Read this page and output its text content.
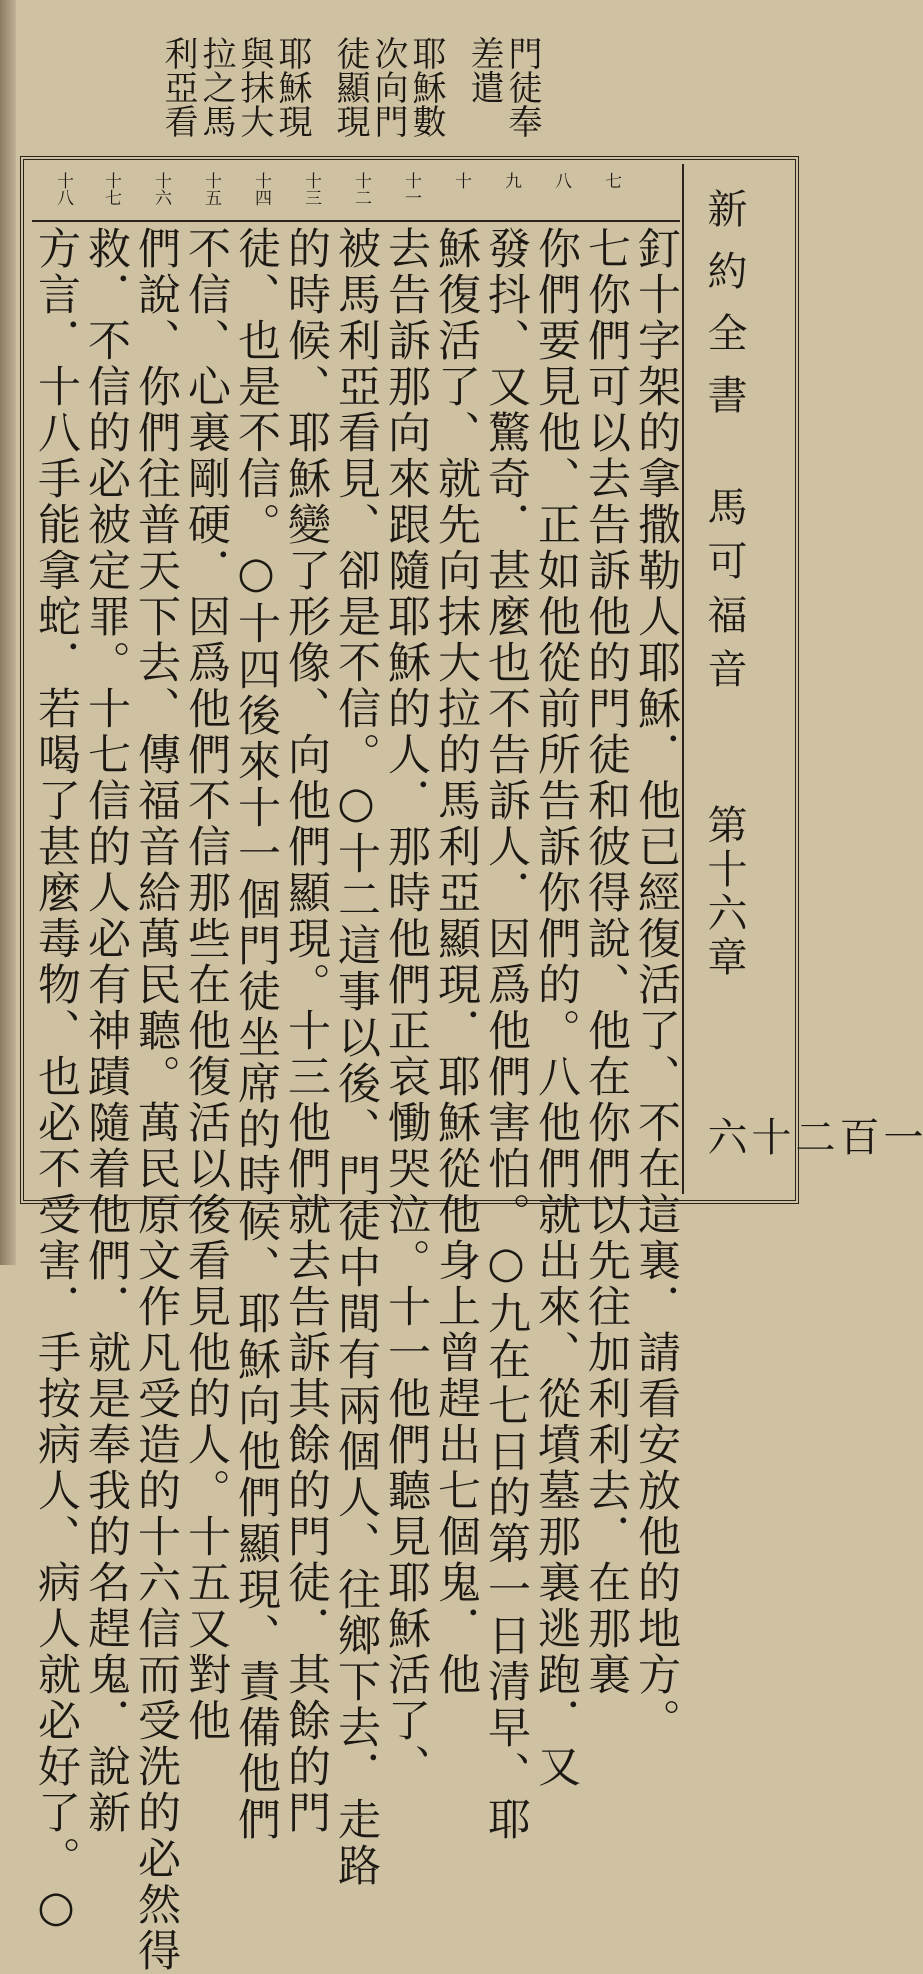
耶穌現
與抹大
拉之馬
利亞看	耶穌數
次向門
徒顯現	門徒奉
差遣
新約全書
馬可福音
第十六章
一百二十六
七
八
九
十
十一
十二
十三
十四
十五
十六
十七
十八
釘十字架的拿撒勒人耶穌．他已經復活了、不在這裏．請看安放他的地方。
七你們可以去告訴他的門徒和彼得說、他在你們以先往加利利去．在那裏
你們要見他、正如他從前所告訴你們的。八他們就出來、從墳墓那裏逃跑．又
發抖、又驚奇．甚麼也不告訴人．因爲他們害怕。○九在七日的第一日清早、耶
穌復活了、就先向抹大拉的馬利亞顯現．耶穌從他身上曾趕出七個鬼．他
去告訴那向來跟隨耶穌的人．那時他們正哀慟哭泣。十一他們聽見耶穌活了、
被馬利亞看見、卻是不信。○十二這事以後、門徒中間有兩個人、往鄉下去．走路
的時候、耶穌變了形像、向他們顯現。十三他們就去告訴其餘的門徒．其餘的門
徒、也是不信。○十四後來十一個門徒坐席的時候、耶穌向他們顯現、責備他們
不信、心裏剛硬．因爲他們不信那些在他復活以後看見他的人。十五又對他
們說、你們往普天下去、傳福音給萬民聽。萬民原文作凡受造的十六信而受洗的必然得
救．不信的必被定罪。十七信的人必有神蹟隨着他們．就是奉我的名趕鬼．說新
方言．十八手能拿蛇．若喝了甚麼毒物、也必不受害．手按病人、病人就必好了。○
